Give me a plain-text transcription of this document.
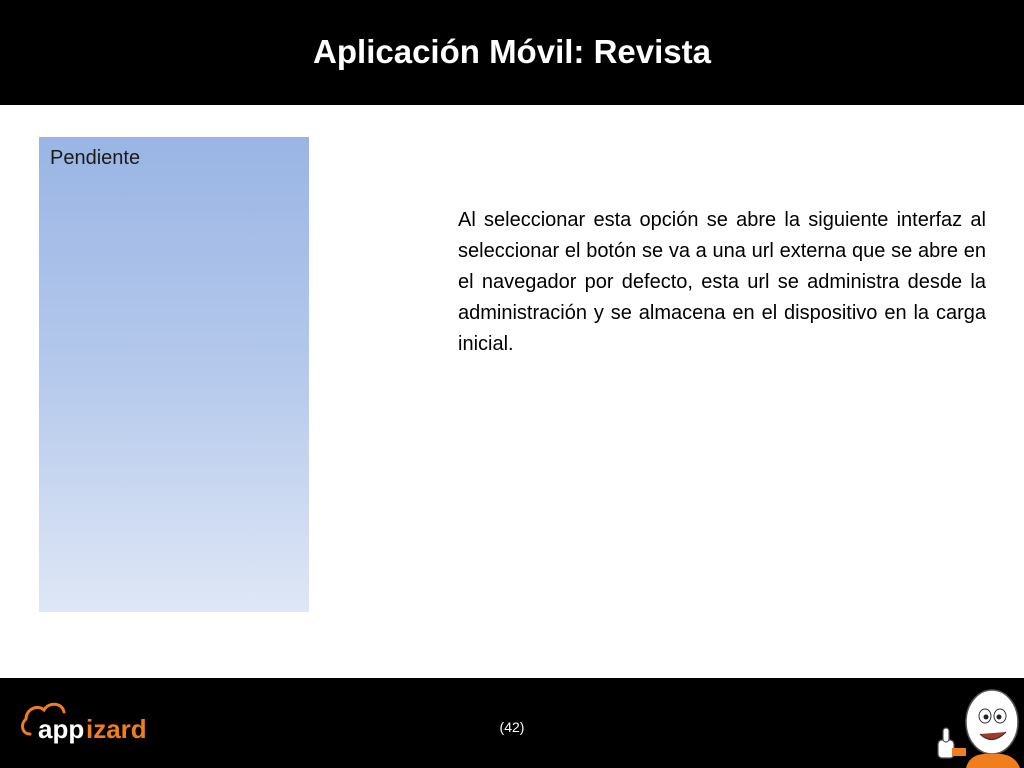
Aplicación Móvil: Revista
Pendiente
Al seleccionar esta opción se abre la siguiente interfaz al seleccionar el botón se va a una url externa que se abre en el navegador por defecto, esta url se administra desde la administración y se almacena en el dispositivo en la carga inicial.
app izard	(42)
